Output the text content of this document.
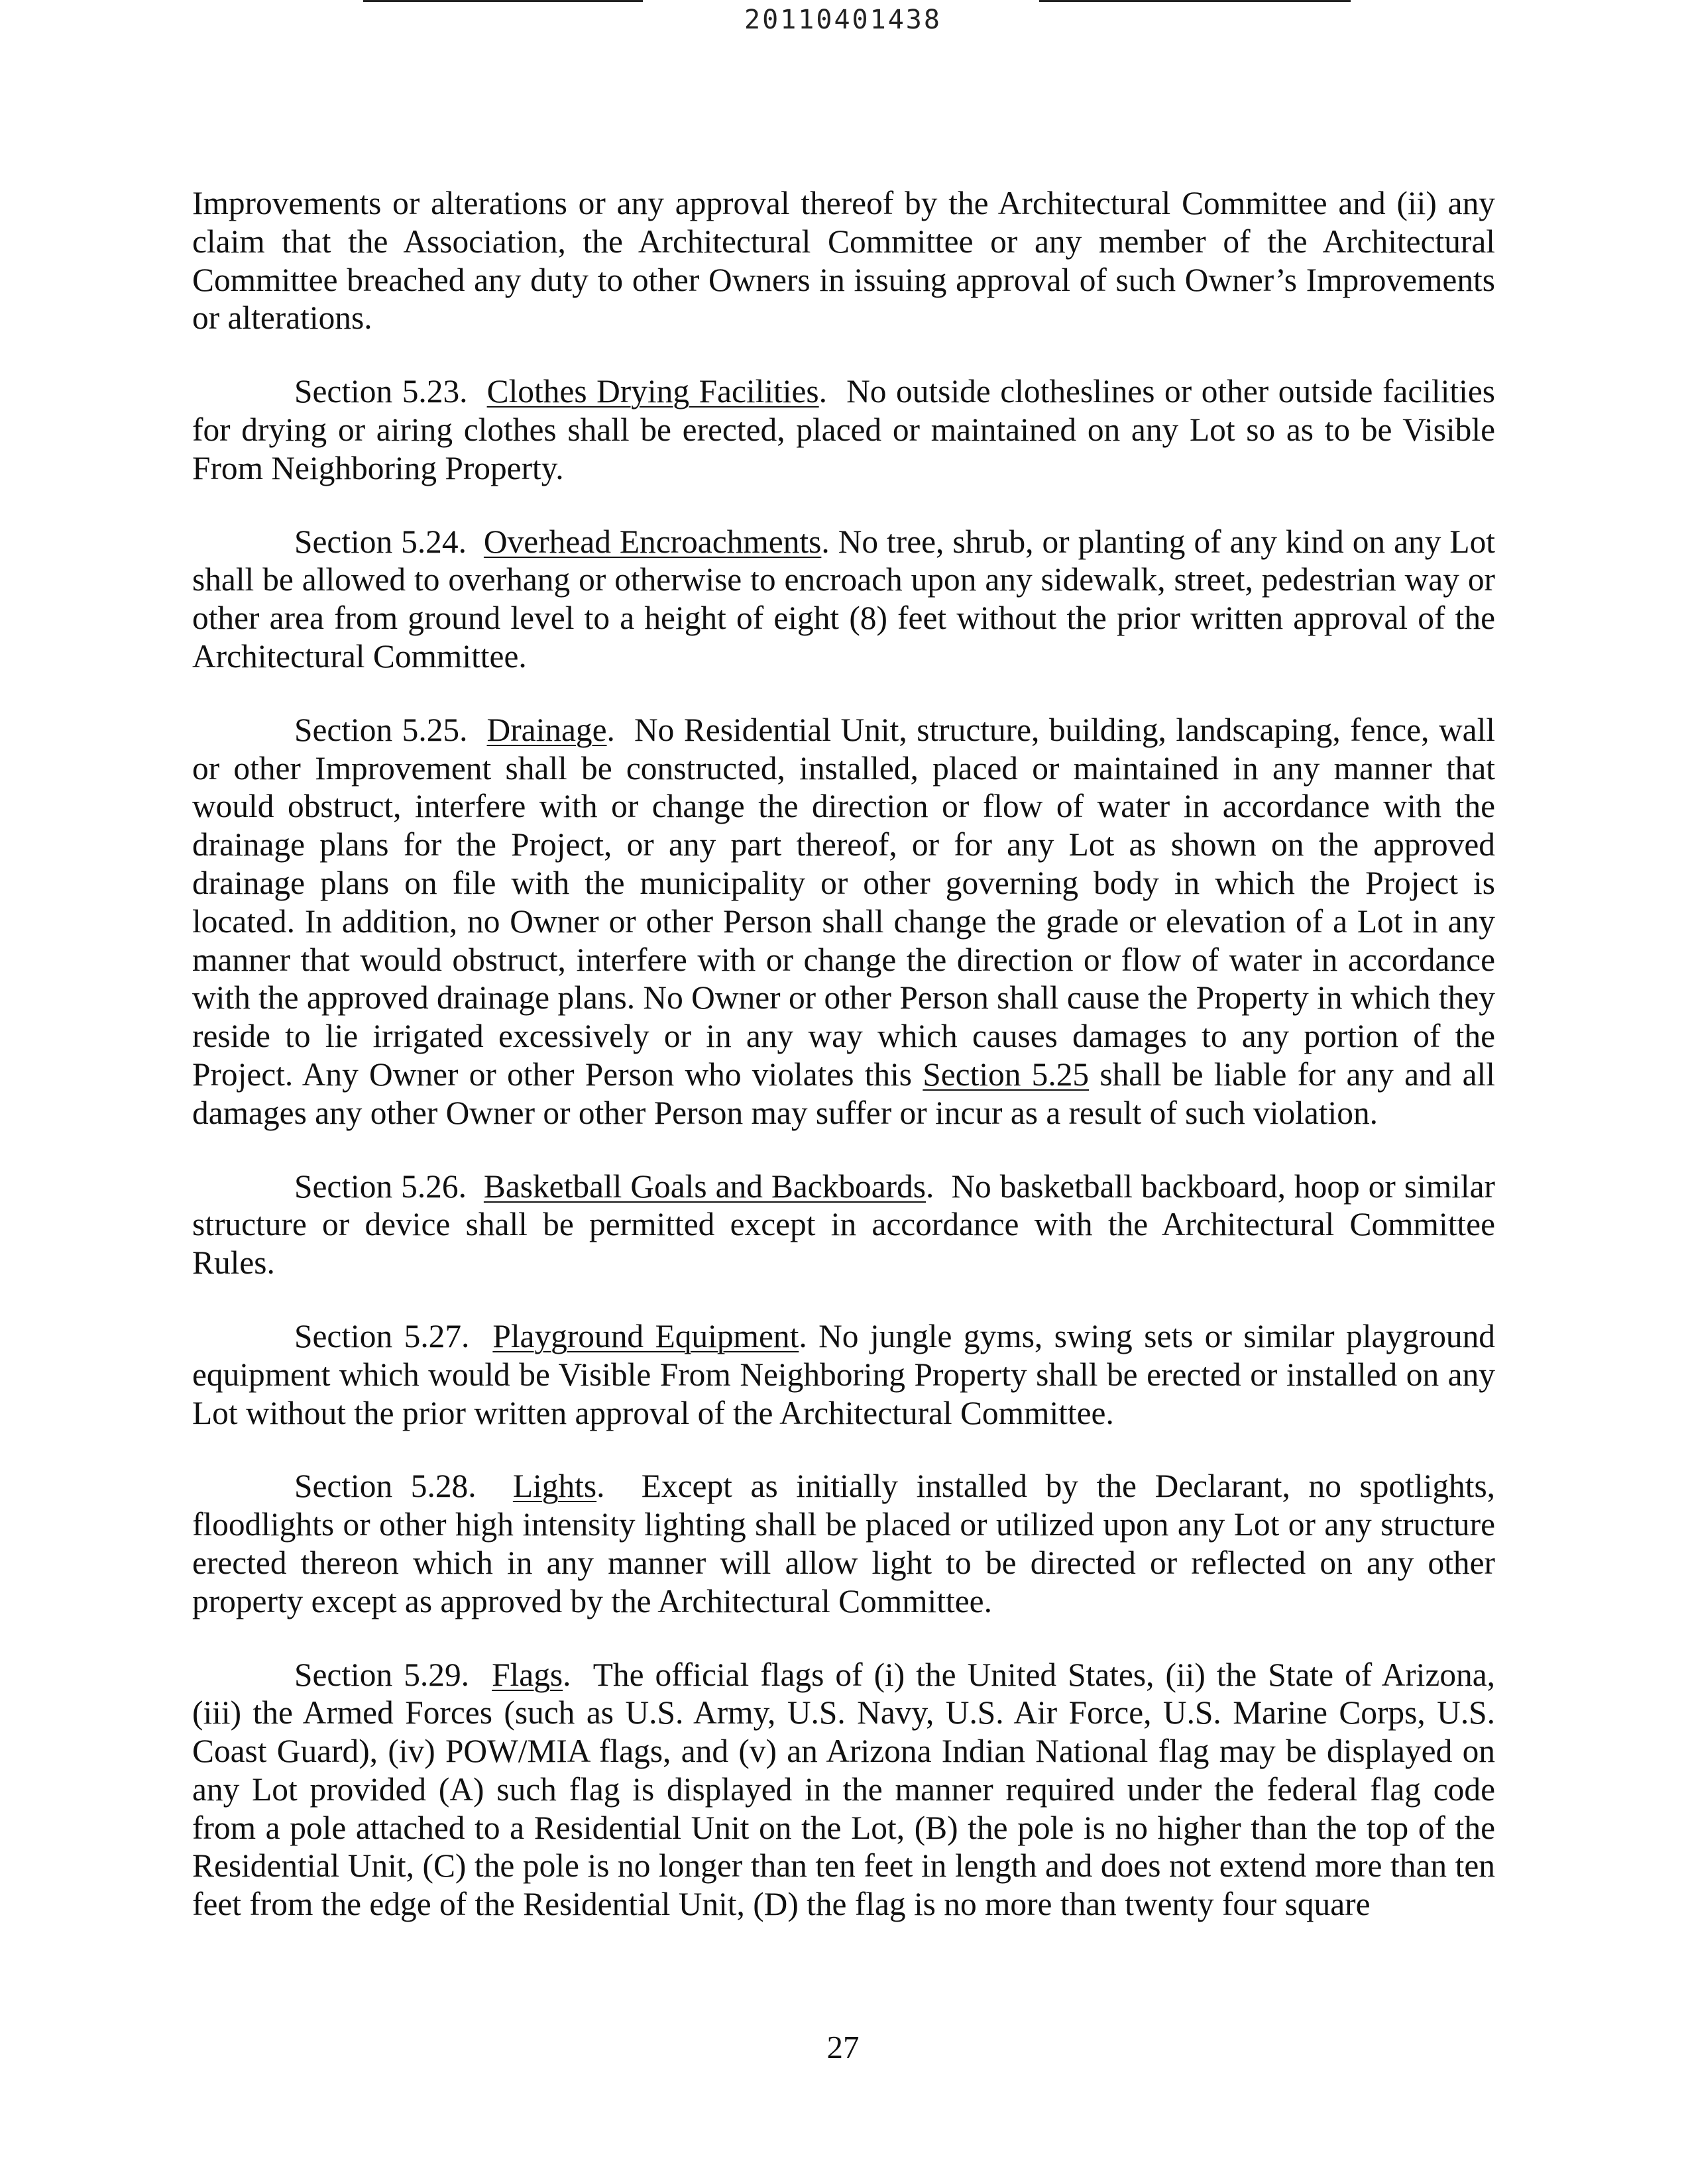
20110401438

Improvements or alterations or any approval thereof by the Architectural Committee and (ii) any claim that the Association, the Architectural Committee or any member of the Architectural Committee breached any duty to other Owners in issuing approval of such Owner’s Improvements or alterations.

Section 5.23. Clothes Drying Facilities.  No outside clotheslines or other outside facilities for drying or airing clothes shall be erected, placed or maintained on any Lot so as to be Visible From Neighboring Property.

Section 5.24. Overhead Encroachments. No tree, shrub, or planting of any kind on any Lot shall be allowed to overhang or otherwise to encroach upon any sidewalk, street, pedestrian way or other area from ground level to a height of eight (8) feet without the prior written approval of the Architectural Committee.

Section 5.25. Drainage.  No Residential Unit, structure, building, landscaping, fence, wall or other Improvement shall be constructed, installed, placed or maintained in any manner that would obstruct, interfere with or change the direction or flow of water in accordance with the drainage plans for the Project, or any part thereof, or for any Lot as shown on the approved drainage plans on file with the municipality or other governing body in which the Project is located. In addition, no Owner or other Person shall change the grade or elevation of a Lot in any manner that would obstruct, interfere with or change the direction or flow of water in accordance with the approved drainage plans. No Owner or other Person shall cause the Property in which they reside to lie irrigated excessively or in any way which causes damages to any portion of the Project. Any Owner or other Person who violates this Section 5.25 shall be liable for any and all damages any other Owner or other Person may suffer or incur as a result of such violation.

Section 5.26. Basketball Goals and Backboards.  No basketball backboard, hoop or similar structure or device shall be permitted except in accordance with the Architectural Committee Rules.

Section 5.27. Playground Equipment. No jungle gyms, swing sets or similar playground equipment which would be Visible From Neighboring Property shall be erected or installed on any Lot without the prior written approval of the Architectural Committee.

Section 5.28. Lights.  Except as initially installed by the Declarant, no spotlights, floodlights or other high intensity lighting shall be placed or utilized upon any Lot or any structure erected thereon which in any manner will allow light to be directed or reflected on any other property except as approved by the Architectural Committee.

Section 5.29. Flags.  The official flags of (i) the United States, (ii) the State of Arizona, (iii) the Armed Forces (such as U.S. Army, U.S. Navy, U.S. Air Force, U.S. Marine Corps, U.S. Coast Guard), (iv) POW/MIA flags, and (v) an Arizona Indian National flag may be displayed on any Lot provided (A) such flag is displayed in the manner required under the federal flag code from a pole attached to a Residential Unit on the Lot, (B) the pole is no higher than the top of the Residential Unit, (C) the pole is no longer than ten feet in length and does not extend more than ten feet from the edge of the Residential Unit, (D) the flag is no more than twenty four square

27
